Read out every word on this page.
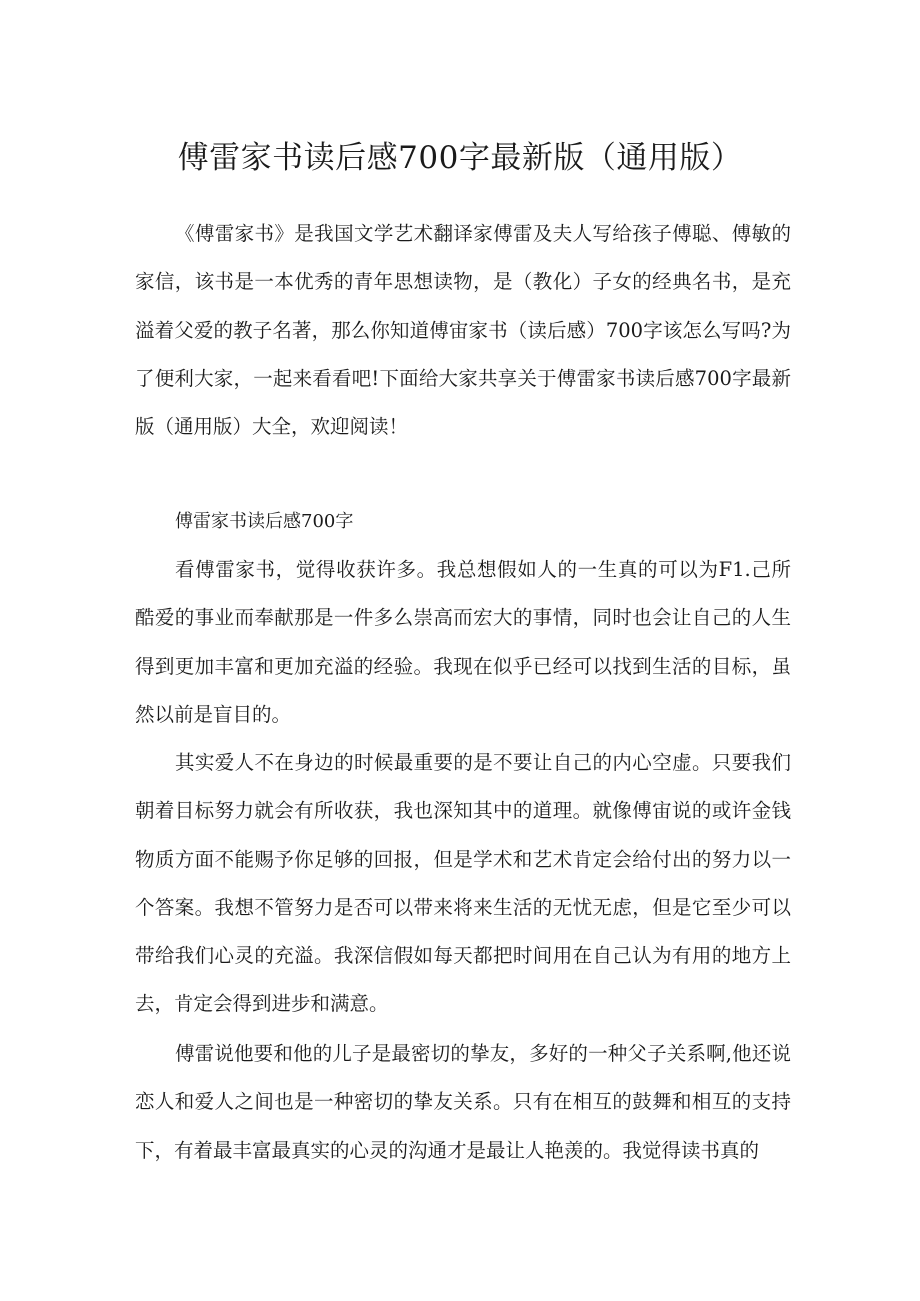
傅雷家书读后感700字最新版（通用版）

《傅雷家书》是我国文学艺术翻译家傅雷及夫人写给孩子傅聪、傅敏的家信，该书是一本优秀的青年思想读物，是（教化）子女的经典名书，是充溢着父爱的教子名著，那么你知道傅宙家书（读后感）700字该怎么写吗?为了便利大家，一起来看看吧!下面给大家共享关于傅雷家书读后感700字最新版（通用版）大全，欢迎阅读！

傅雷家书读后感700字

看傅雷家书，觉得收获许多。我总想假如人的一生真的可以为F1.己所酷爱的事业而奉献那是一件多么崇高而宏大的事情，同时也会让自己的人生得到更加丰富和更加充溢的经验。我现在似乎已经可以找到生活的目标，虽然以前是盲目的。

其实爱人不在身边的时候最重要的是不要让自己的内心空虚。只要我们朝着目标努力就会有所收获，我也深知其中的道理。就像傅宙说的或许金钱物质方面不能赐予你足够的回报，但是学术和艺术肯定会给付出的努力以一个答案。我想不管努力是否可以带来将来生活的无忧无虑，但是它至少可以带给我们心灵的充溢。我深信假如每天都把时间用在自己认为有用的地方上去，肯定会得到进步和满意。

傅雷说他要和他的儿子是最密切的挚友，多好的一种父子关系啊,他还说恋人和爱人之间也是一种密切的挚友关系。只有在相互的鼓舞和相互的支持下，有着最丰富最真实的心灵的沟通才是最让人艳羡的。我觉得读书真的
